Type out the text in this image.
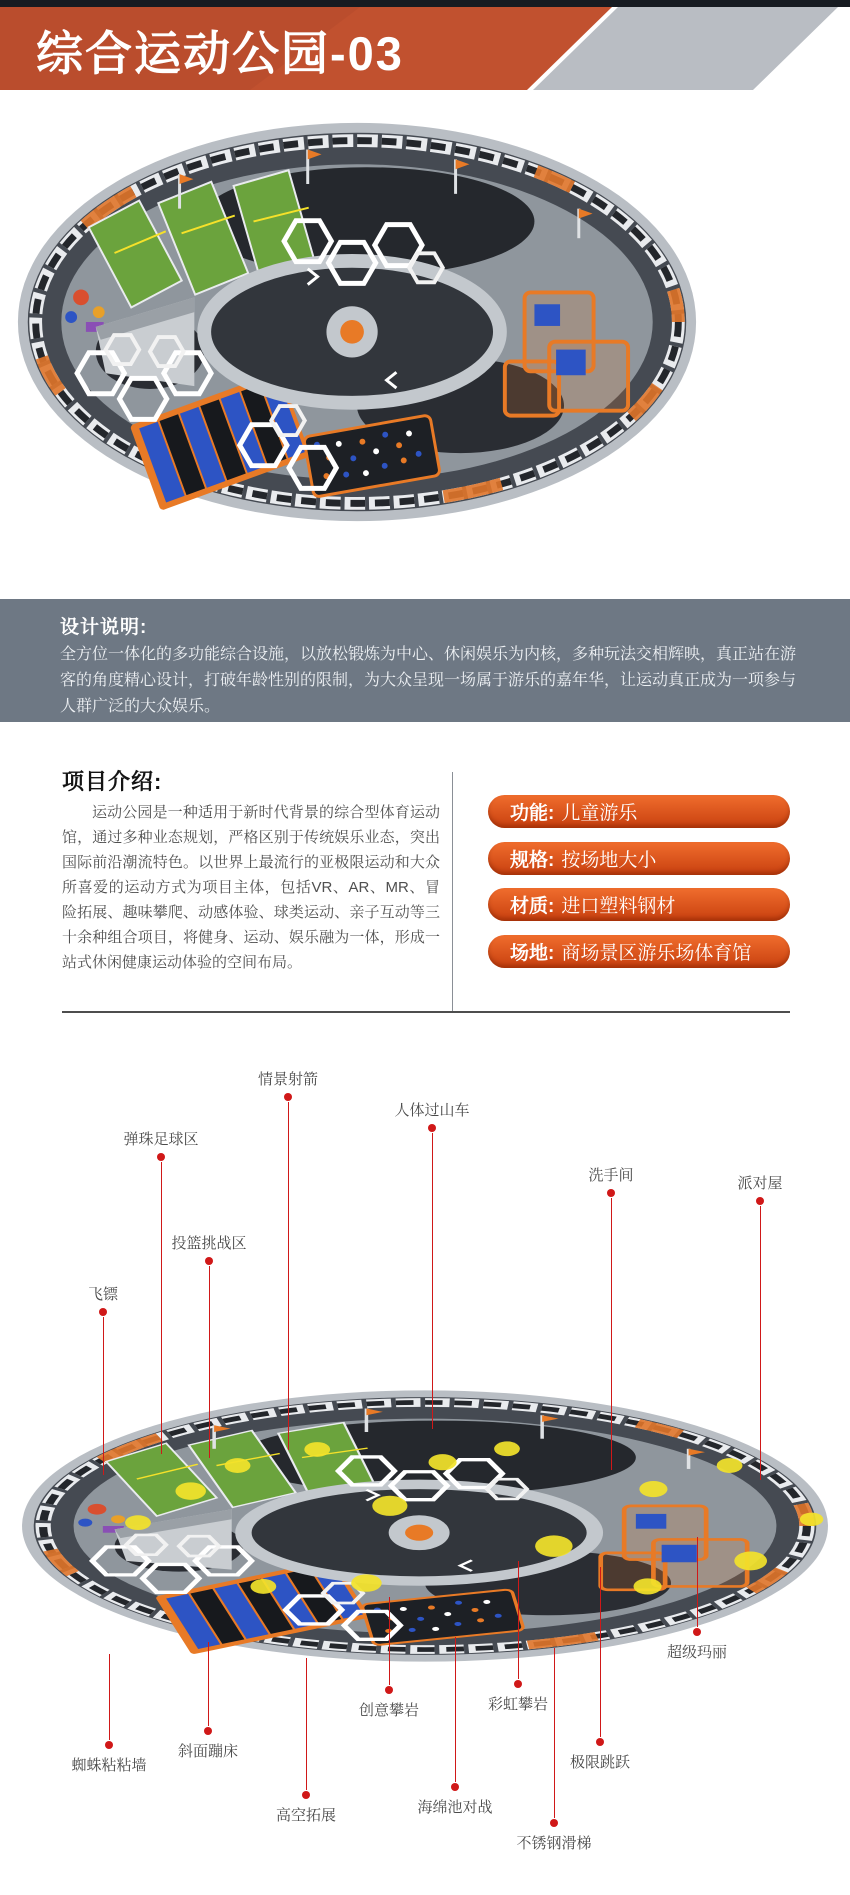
综合运动公园-03
设计说明:
全方位一体化的多功能综合设施，以放松锻炼为中心、休闲娱乐为内核，多种玩法交相辉映，真正站在游客的角度精心设计，打破年龄性别的限制，为大众呈现一场属于游乐的嘉年华，让运动真正成为一项参与人群广泛的大众娱乐。
项目介绍:
运动公园是一种适用于新时代背景的综合型体育运动馆，通过多种业态规划，严格区别于传统娱乐业态，突出国际前沿潮流特色。以世界上最流行的亚极限运动和大众所喜爱的运动方式为项目主体，包括VR、AR、MR、冒险拓展、趣味攀爬、动感体验、球类运动、亲子互动等三十余种组合项目，将健身、运动、娱乐融为一体，形成一站式休闲健康运动体验的空间布局。
功能: 儿童游乐
规格: 按场地大小
材质: 进口塑料钢材
场地: 商场景区游乐场体育馆
情景射箭
人体过山车
弹珠足球区
洗手间	派对屋
投篮挑战区
飞镖
超级玛丽
创意攀岩	彩虹攀岩
蜘蛛粘粘墙
斜面蹦床
极限跳跃
高空拓展	海绵池对战
不锈钢滑梯
